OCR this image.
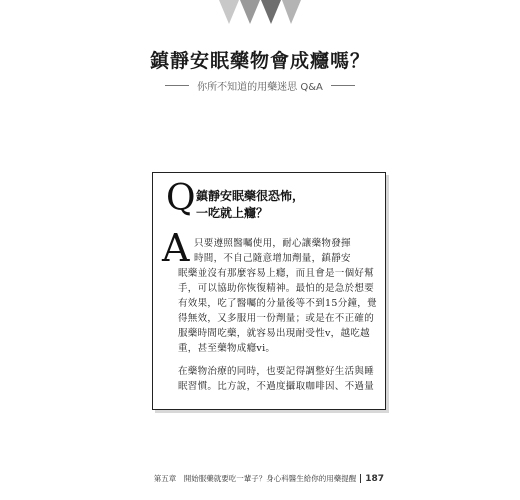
鎮靜安眠藥物會成癮嗎？
你所不知道的用藥迷思 Q&A
Q 鎮靜安眠藥很恐怖，
一吃就上癮？
A 只要遵照醫囑使用，耐心讓藥物發揮
時間，不自己隨意增加劑量，鎮靜安
眠藥並沒有那麼容易上癮，而且會是一個好幫
手，可以協助你恢復精神。最怕的是急於想要
有效果，吃了醫囑的分量後等不到15分鐘，覺
得無效，又多服用一份劑量；或是在不正確的
服藥時間吃藥，就容易出現耐受性v，越吃越
重，甚至藥物成癮vi。
在藥物治療的同時，也要記得調整好生活與睡
眠習慣。比方說，不過度攝取咖啡因、不過量
第五章　開始服藥就要吃一輩子？身心科醫生給你的用藥提醒 187
